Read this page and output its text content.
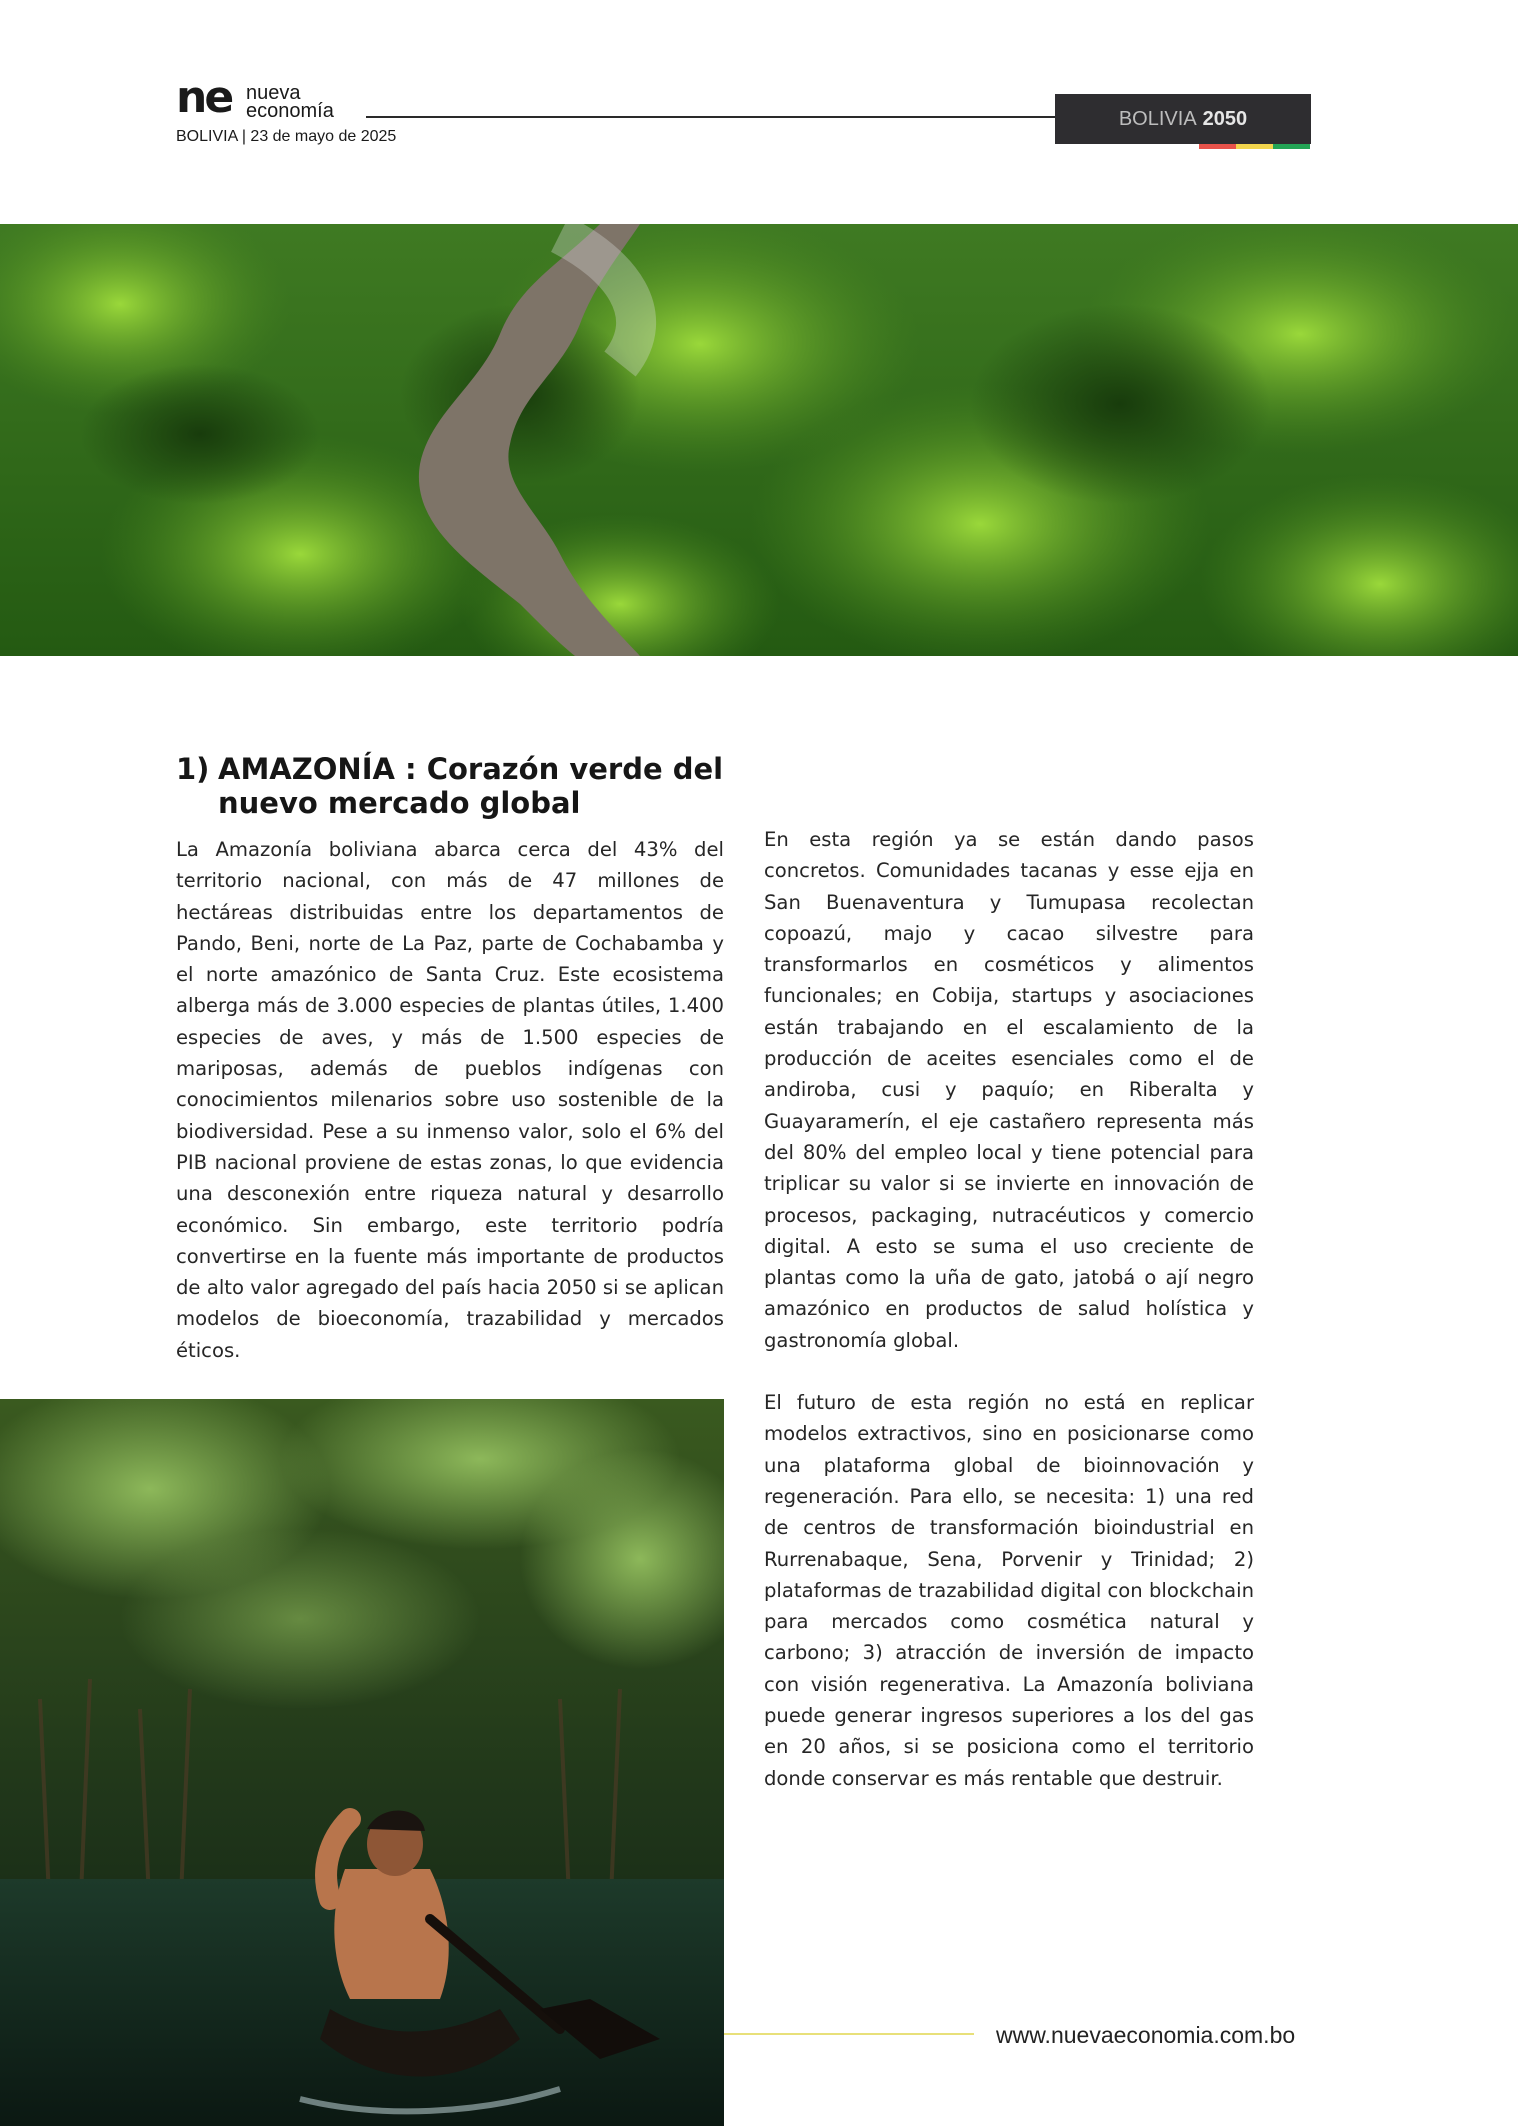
ne nueva
economía
BOLIVIA | 23 de mayo de 2025
BOLIVIA 2050
1) AMAZONÍA : Corazón verde del nuevo mercado global

La Amazonía boliviana abarca cerca del 43% del territorio nacional, con más de 47 millones de hectáreas distribuidas entre los departamentos de Pando, Beni, norte de La Paz, parte de Cochabamba y el norte amazónico de Santa Cruz. Este ecosistema alberga más de 3.000 especies de plantas útiles, 1.400 especies de aves, y más de 1.500 especies de mariposas, además de pueblos indígenas con conocimientos milenarios sobre uso sostenible de la biodiversidad. Pese a su inmenso valor, solo el 6% del PIB nacional proviene de estas zonas, lo que evidencia una desconexión entre riqueza natural y desarrollo económico. Sin embargo, este territorio podría convertirse en la fuente más importante de productos de alto valor agregado del país hacia 2050 si se aplican modelos de bioeconomía, trazabilidad y mercados éticos.

En esta región ya se están dando pasos concretos. Comunidades tacanas y esse ejja en San Buenaventura y Tumupasa recolectan copoazú, majo y cacao silvestre para transformarlos en cosméticos y alimentos funcionales; en Cobija, startups y asociaciones están trabajando en el escalamiento de la producción de aceites esenciales como el de andiroba, cusi y paquío; en Riberalta y Guayaramerín, el eje castañero representa más del 80% del empleo local y tiene potencial para triplicar su valor si se invierte en innovación de procesos, packaging, nutracéuticos y comercio digital. A esto se suma el uso creciente de plantas como la uña de gato, jatobá o ají negro amazónico en productos de salud holística y gastronomía global.

El futuro de esta región no está en replicar modelos extractivos, sino en posicionarse como una plataforma global de bioinnovación y regeneración. Para ello, se necesita: 1) una red de centros de transformación bioindustrial en Rurrenabaque, Sena, Porvenir y Trinidad; 2) plataformas de trazabilidad digital con blockchain para mercados como cosmética natural y carbono; 3) atracción de inversión de impacto con visión regenerativa. La Amazonía boliviana puede generar ingresos superiores a los del gas en 20 años, si se posiciona como el territorio donde conservar es más rentable que destruir.

www.nuevaeconomia.com.bo
